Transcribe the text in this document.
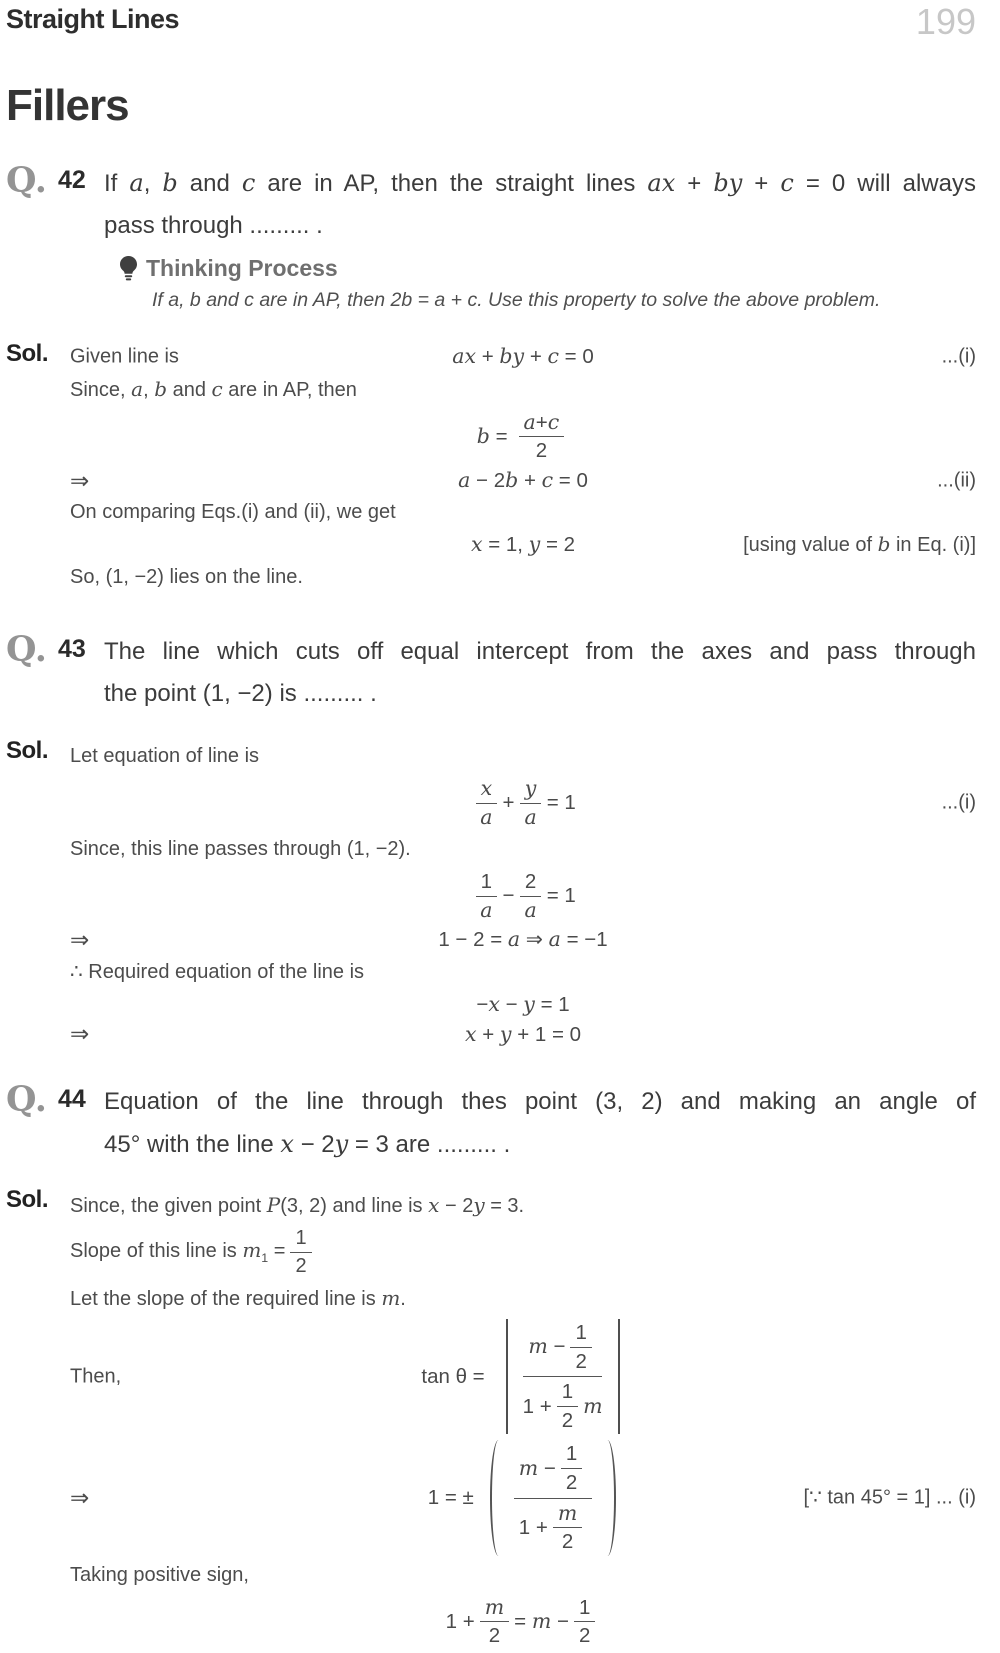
Straight Lines	199
Fillers
Q. 42 If a, b and c are in AP, then the straight lines ax + by + c = 0 will always
pass through ......... .
Thinking Process
If a, b and c are in AP, then 2b = a + c. Use this property to solve the above problem.
Sol.	Given line is	ax + by + c = 0	...(i)
Since, a, b and c are in AP, then
$b = \frac{a + c}{2}$
⇒	a − 2b + c = 0	...(ii)
On comparing Eqs.(i) and (ii), we get
x = 1, y = 2	[using value of b in Eq. (i)]
So, (1, −2) lies on the line.
Q. 43 The line which cuts off equal intercept from the axes and pass through
the point (1, −2) is ......... .
Sol.	Let equation of line is
$\frac{x}{a} + \frac{y}{a} = 1$	...(i)
Since, this line passes through (1, −2).
$\frac{1}{a} - \frac{2}{a} = 1$
⇒	1 − 2 = a ⇒ a = −1
∴ Required equation of the line is
−x − y = 1
⇒	x + y + 1 = 0
Q. 44 Equation of the line through thes point (3, 2) and making an angle of
45° with the line x − 2y = 3 are ......... .
Sol.	Since, the given point P(3, 2) and line is x − 2y = 3.
Slope of this line is $m_1 = \frac{1}{2}$
Let the slope of the required line is m.
Then,	tan θ =
$m - \frac{1}{2}$
$1 + \frac{1}{2}$ m
⇒	1 = ±
$m - \frac{1}{2}$
$1 + \frac{m}{2}$
[∵ tan 45° = 1] ... (i)
Taking positive sign,
$1 + \frac{m}{2} = m - \frac{1}{2}$
